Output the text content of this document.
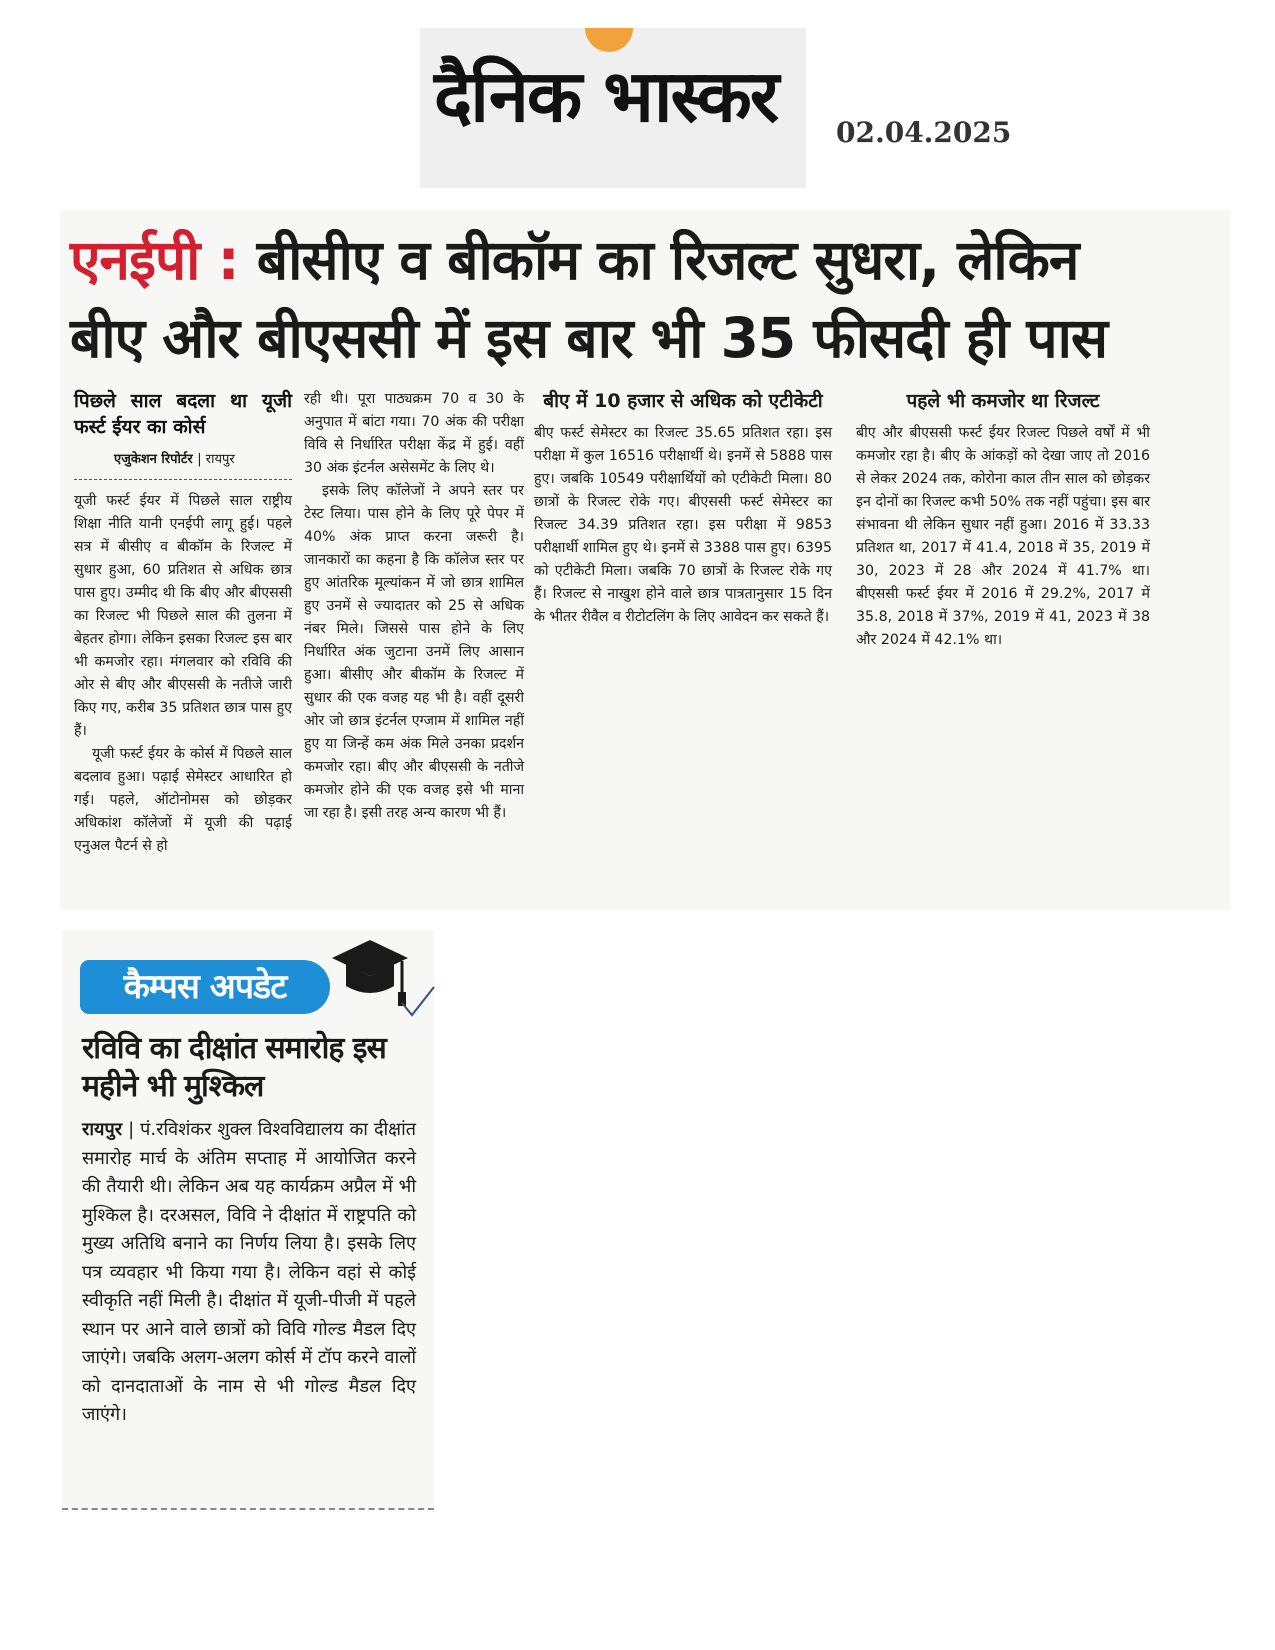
दैनिक भास्कर	02.04.2025
एनईपी : बीसीए व बीकॉम का रिजल्ट सुधरा, लेकिन
बीए और बीएससी में इस बार भी 35 फीसदी ही पास
पिछले साल बदला था यूजी फर्स्ट ईयर का कोर्स
एजुकेशन रिपोर्टर | रायपुर

यूजी फर्स्ट ईयर में पिछले साल राष्ट्रीय शिक्षा नीति यानी एनईपी लागू हुई। पहले सत्र में बीसीए व बीकॉम के रिजल्ट में सुधार हुआ, 60 प्रतिशत से अधिक छात्र पास हुए। उम्मीद थी कि बीए और बीएससी का रिजल्ट भी पिछले साल की तुलना में बेहतर होगा। लेकिन इसका रिजल्ट इस बार भी कमजोर रहा। मंगलवार को रविवि की ओर से बीए और बीएससी के नतीजे जारी किए गए, करीब 35 प्रतिशत छात्र पास हुए हैं।

यूजी फर्स्ट ईयर के कोर्स में पिछले साल बदलाव हुआ। पढ़ाई सेमेस्टर आधारित हो गई। पहले, ऑटोनोमस को छोड़कर अधिकांश कॉलेजों में यूजी की पढ़ाई एनुअल पैटर्न से हो

रही थी। पूरा पाठ्यक्रम 70 व 30 के अनुपात में बांटा गया। 70 अंक की परीक्षा विवि से निर्धारित परीक्षा केंद्र में हुई। वहीं 30 अंक इंटर्नल असेसमेंट के लिए थे।

इसके लिए कॉलेजों ने अपने स्तर पर टेस्ट लिया। पास होने के लिए पूरे पेपर में 40% अंक प्राप्त करना जरूरी है। जानकारों का कहना है कि कॉलेज स्तर पर हुए आंतरिक मूल्यांकन में जो छात्र शामिल हुए उनमें से ज्यादातर को 25 से अधिक नंबर मिले। जिससे पास होने के लिए निर्धारित अंक जुटाना उनमें लिए आसान हुआ। बीसीए और बीकॉम के रिजल्ट में सुधार की एक वजह यह भी है। वहीं दूसरी ओर जो छात्र इंटर्नल एग्जाम में शामिल नहीं हुए या जिन्हें कम अंक मिले उनका प्रदर्शन कमजोर रहा। बीए और बीएससी के नतीजे कमजोर होने की एक वजह इसे भी माना जा रहा है। इसी तरह अन्य कारण भी हैं।

बीए में 10 हजार से अधिक को एटीकेटी

बीए फर्स्ट सेमेस्टर का रिजल्ट 35.65 प्रतिशत रहा। इस परीक्षा में कुल 16516 परीक्षार्थी थे। इनमें से 5888 पास हुए। जबकि 10549 परीक्षार्थियों को एटीकेटी मिला। 80 छात्रों के रिजल्ट रोके गए। बीएससी फर्स्ट सेमेस्टर का रिजल्ट 34.39 प्रतिशत रहा। इस परीक्षा में 9853 परीक्षार्थी शामिल हुए थे। इनमें से 3388 पास हुए। 6395 को एटीकेटी मिला। जबकि 70 छात्रों के रिजल्ट रोके गए हैं। रिजल्ट से नाखुश होने वाले छात्र पात्रतानुसार 15 दिन के भीतर रीवैल व रीटोटलिंग के लिए आवेदन कर सकते हैं।

पहले भी कमजोर था रिजल्ट

बीए और बीएससी फर्स्ट ईयर रिजल्ट पिछले वर्षों में भी कमजोर रहा है। बीए के आंकड़ों को देखा जाए तो 2016 से लेकर 2024 तक, कोरोना काल तीन साल को छोड़कर इन दोनों का रिजल्ट कभी 50% तक नहीं पहुंचा। इस बार संभावना थी लेकिन सुधार नहीं हुआ। 2016 में 33.33 प्रतिशत था, 2017 में 41.4, 2018 में 35, 2019 में 30, 2023 में 28 और 2024 में 41.7% था। बीएससी फर्स्ट ईयर में 2016 में 29.2%, 2017 में 35.8, 2018 में 37%, 2019 में 41, 2023 में 38 और 2024 में 42.1% था।

कैम्पस अपडेट
रविवि का दीक्षांत समारोह इस महीने भी मुश्किल
रायपुर | पं.रविशंकर शुक्ल विश्वविद्यालय का दीक्षांत समारोह मार्च के अंतिम सप्ताह में आयोजित करने की तैयारी थी। लेकिन अब यह कार्यक्रम अप्रैल में भी मुश्किल है। दरअसल, विवि ने दीक्षांत में राष्ट्रपति को मुख्य अतिथि बनाने का निर्णय लिया है। इसके लिए पत्र व्यवहार भी किया गया है। लेकिन वहां से कोई स्वीकृति नहीं मिली है। दीक्षांत में यूजी-पीजी में पहले स्थान पर आने वाले छात्रों को विवि गोल्ड मैडल दिए जाएंगे। जबकि अलग-अलग कोर्स में टॉप करने वालों को दानदाताओं के नाम से भी गोल्ड मैडल दिए जाएंगे।
